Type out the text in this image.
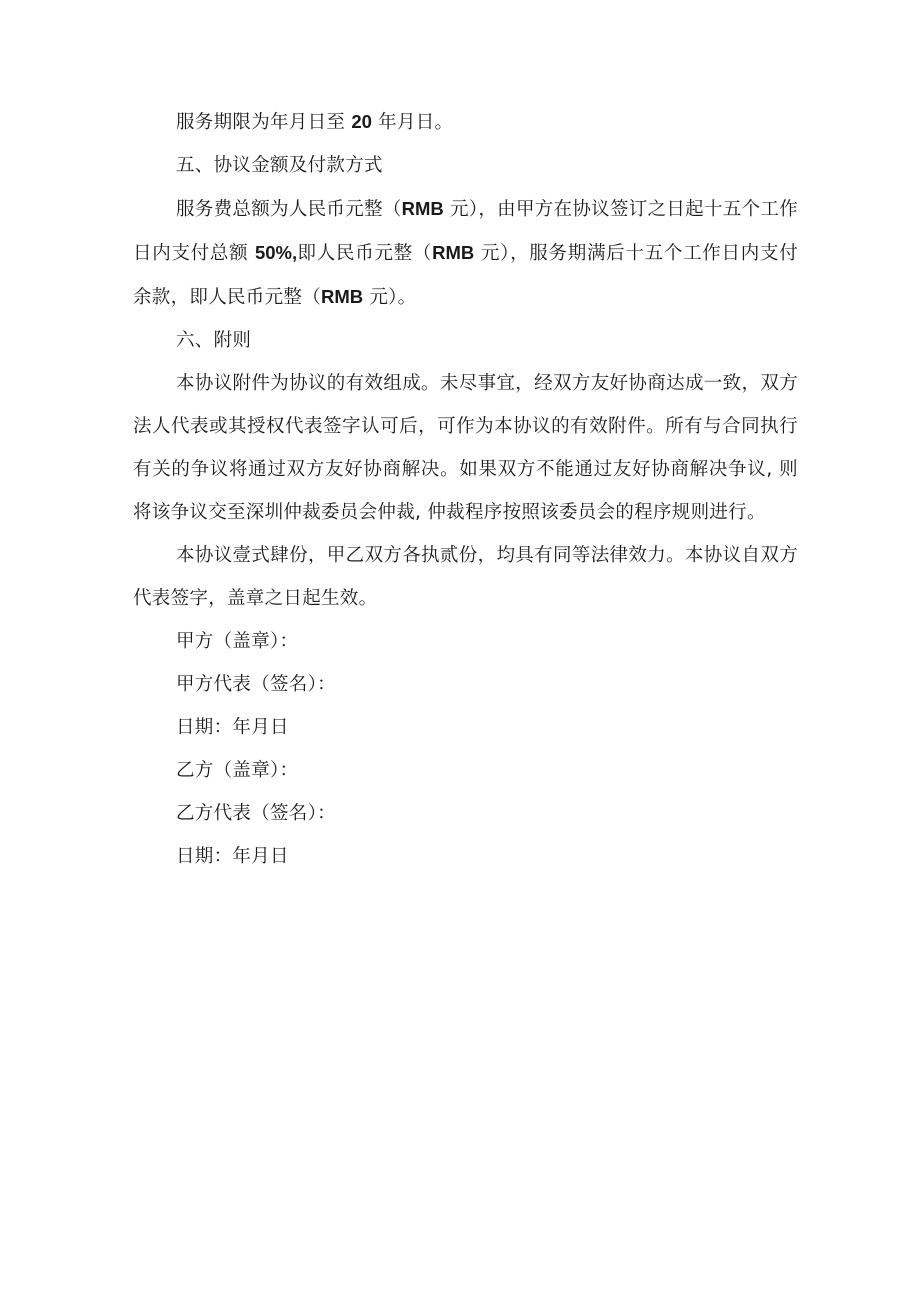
服务期限为年月日至 20 年月日。

五、协议金额及付款方式

服务费总额为人民币元整（RMB 元），由甲方在协议签订之日起十五个工作日内支付总额 50%,即人民币元整（RMB 元），服务期满后十五个工作日内支付余款，即人民币元整（RMB 元）。

六、附则

本协议附件为协议的有效组成。未尽事宜，经双方友好协商达成一致，双方法人代表或其授权代表签字认可后，可作为本协议的有效附件。所有与合同执行有关的争议将通过双方友好协商解决。如果双方不能通过友好协商解决争议, 则将该争议交至深圳仲裁委员会仲裁, 仲裁程序按照该委员会的程序规则进行。

本协议壹式肆份，甲乙双方各执贰份，均具有同等法律效力。本协议自双方代表签字，盖章之日起生效。

甲方（盖章）：

甲方代表（签名）：

日期：年月日

乙方（盖章）：

乙方代表（签名）：

日期：年月日
